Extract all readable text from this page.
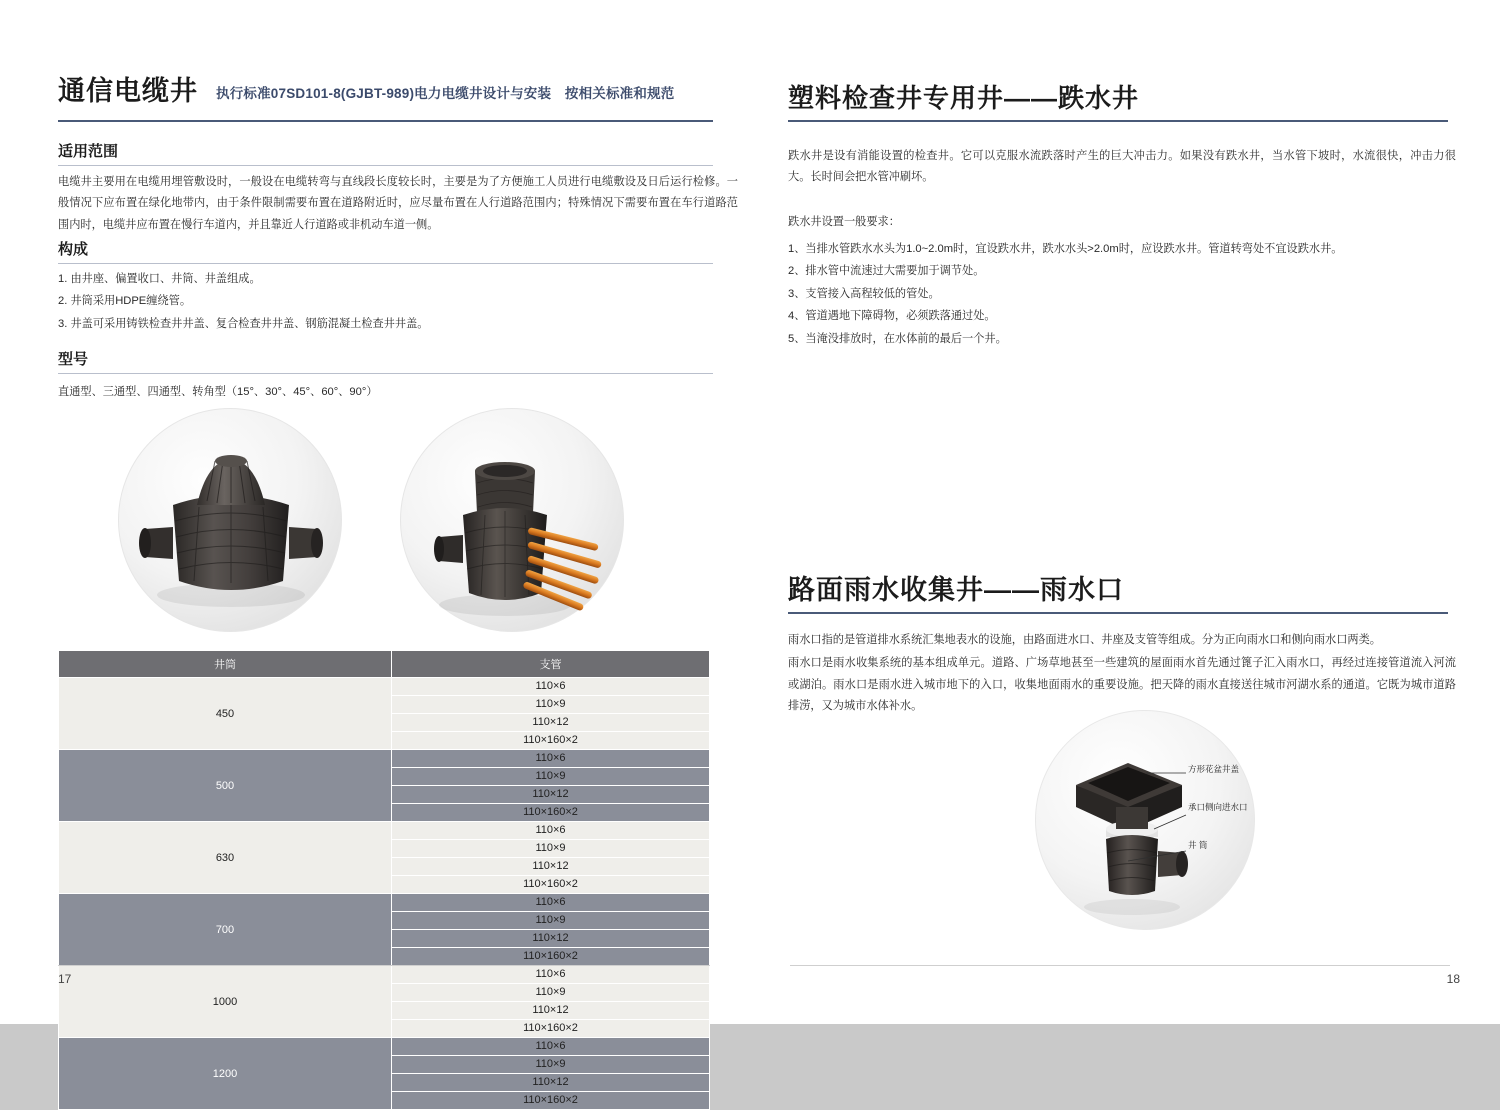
通信电缆井 执行标准07SD101-8(GJBT-989)电力电缆井设计与安装　按相关标准和规范
适用范围

电缆井主要用在电缆用埋管敷设时，一般设在电缆转弯与直线段长度较长时，主要是为了方便施工人员进行电缆敷设及日后运行检修。一般情况下应布置在绿化地带内，由于条件限制需要布置在道路附近时，应尽量布置在人行道路范围内；特殊情况下需要布置在车行道路范围内时，电缆井应布置在慢行车道内，并且靠近人行道路或非机动车道一侧。

构成

1. 由井座、偏置收口、井筒、井盖组成。

2. 井筒采用HDPE缠绕管。

3. 井盖可采用铸铁检查井井盖、复合检查井井盖、钢筋混凝土检查井井盖。

型号

直通型、三通型、四通型、转角型（15°、30°、45°、60°、90°）

井筒	支管
450	110×6
	110×9
	110×12
	110×160×2
500	110×6
	110×9
	110×12
	110×160×2
630	110×6
	110×9
	110×12
	110×160×2
700	110×6
	110×9
	110×12
	110×160×2
1000	110×6
	110×9
	110×12
	110×160×2
1200	110×6
	110×9
	110×12
	110×160×2
17
塑料检查井专用井——跌水井

跌水井是设有消能设置的检查井。它可以克服水流跌落时产生的巨大冲击力。如果没有跌水井，当水管下坡时，水流很快，冲击力很大。长时间会把水管冲刷坏。

跌水井设置一般要求：

1、当排水管跌水水头为1.0~2.0m时，宜设跌水井，跌水水头>2.0m时，应设跌水井。管道转弯处不宜设跌水井。

2、排水管中流速过大需要加于调节处。

3、支管接入高程较低的管处。

4、管道遇地下障碍物，必须跌落通过处。

5、当淹没排放时，在水体前的最后一个井。

路面雨水收集井——雨水口

雨水口指的是管道排水系统汇集地表水的设施，由路面进水口、井座及支管等组成。分为正向雨水口和侧向雨水口两类。

雨水口是雨水收集系统的基本组成单元。道路、广场草地甚至一些建筑的屋面雨水首先通过篦子汇入雨水口，再经过连接管道流入河流或湖泊。雨水口是雨水进入城市地下的入口，收集地面雨水的重要设施。把天降的雨水直接送往城市河湖水系的通道。它既为城市道路排涝，又为城市水体补水。

方形花盆井盖
承口侧向进水口
井 筒
18
